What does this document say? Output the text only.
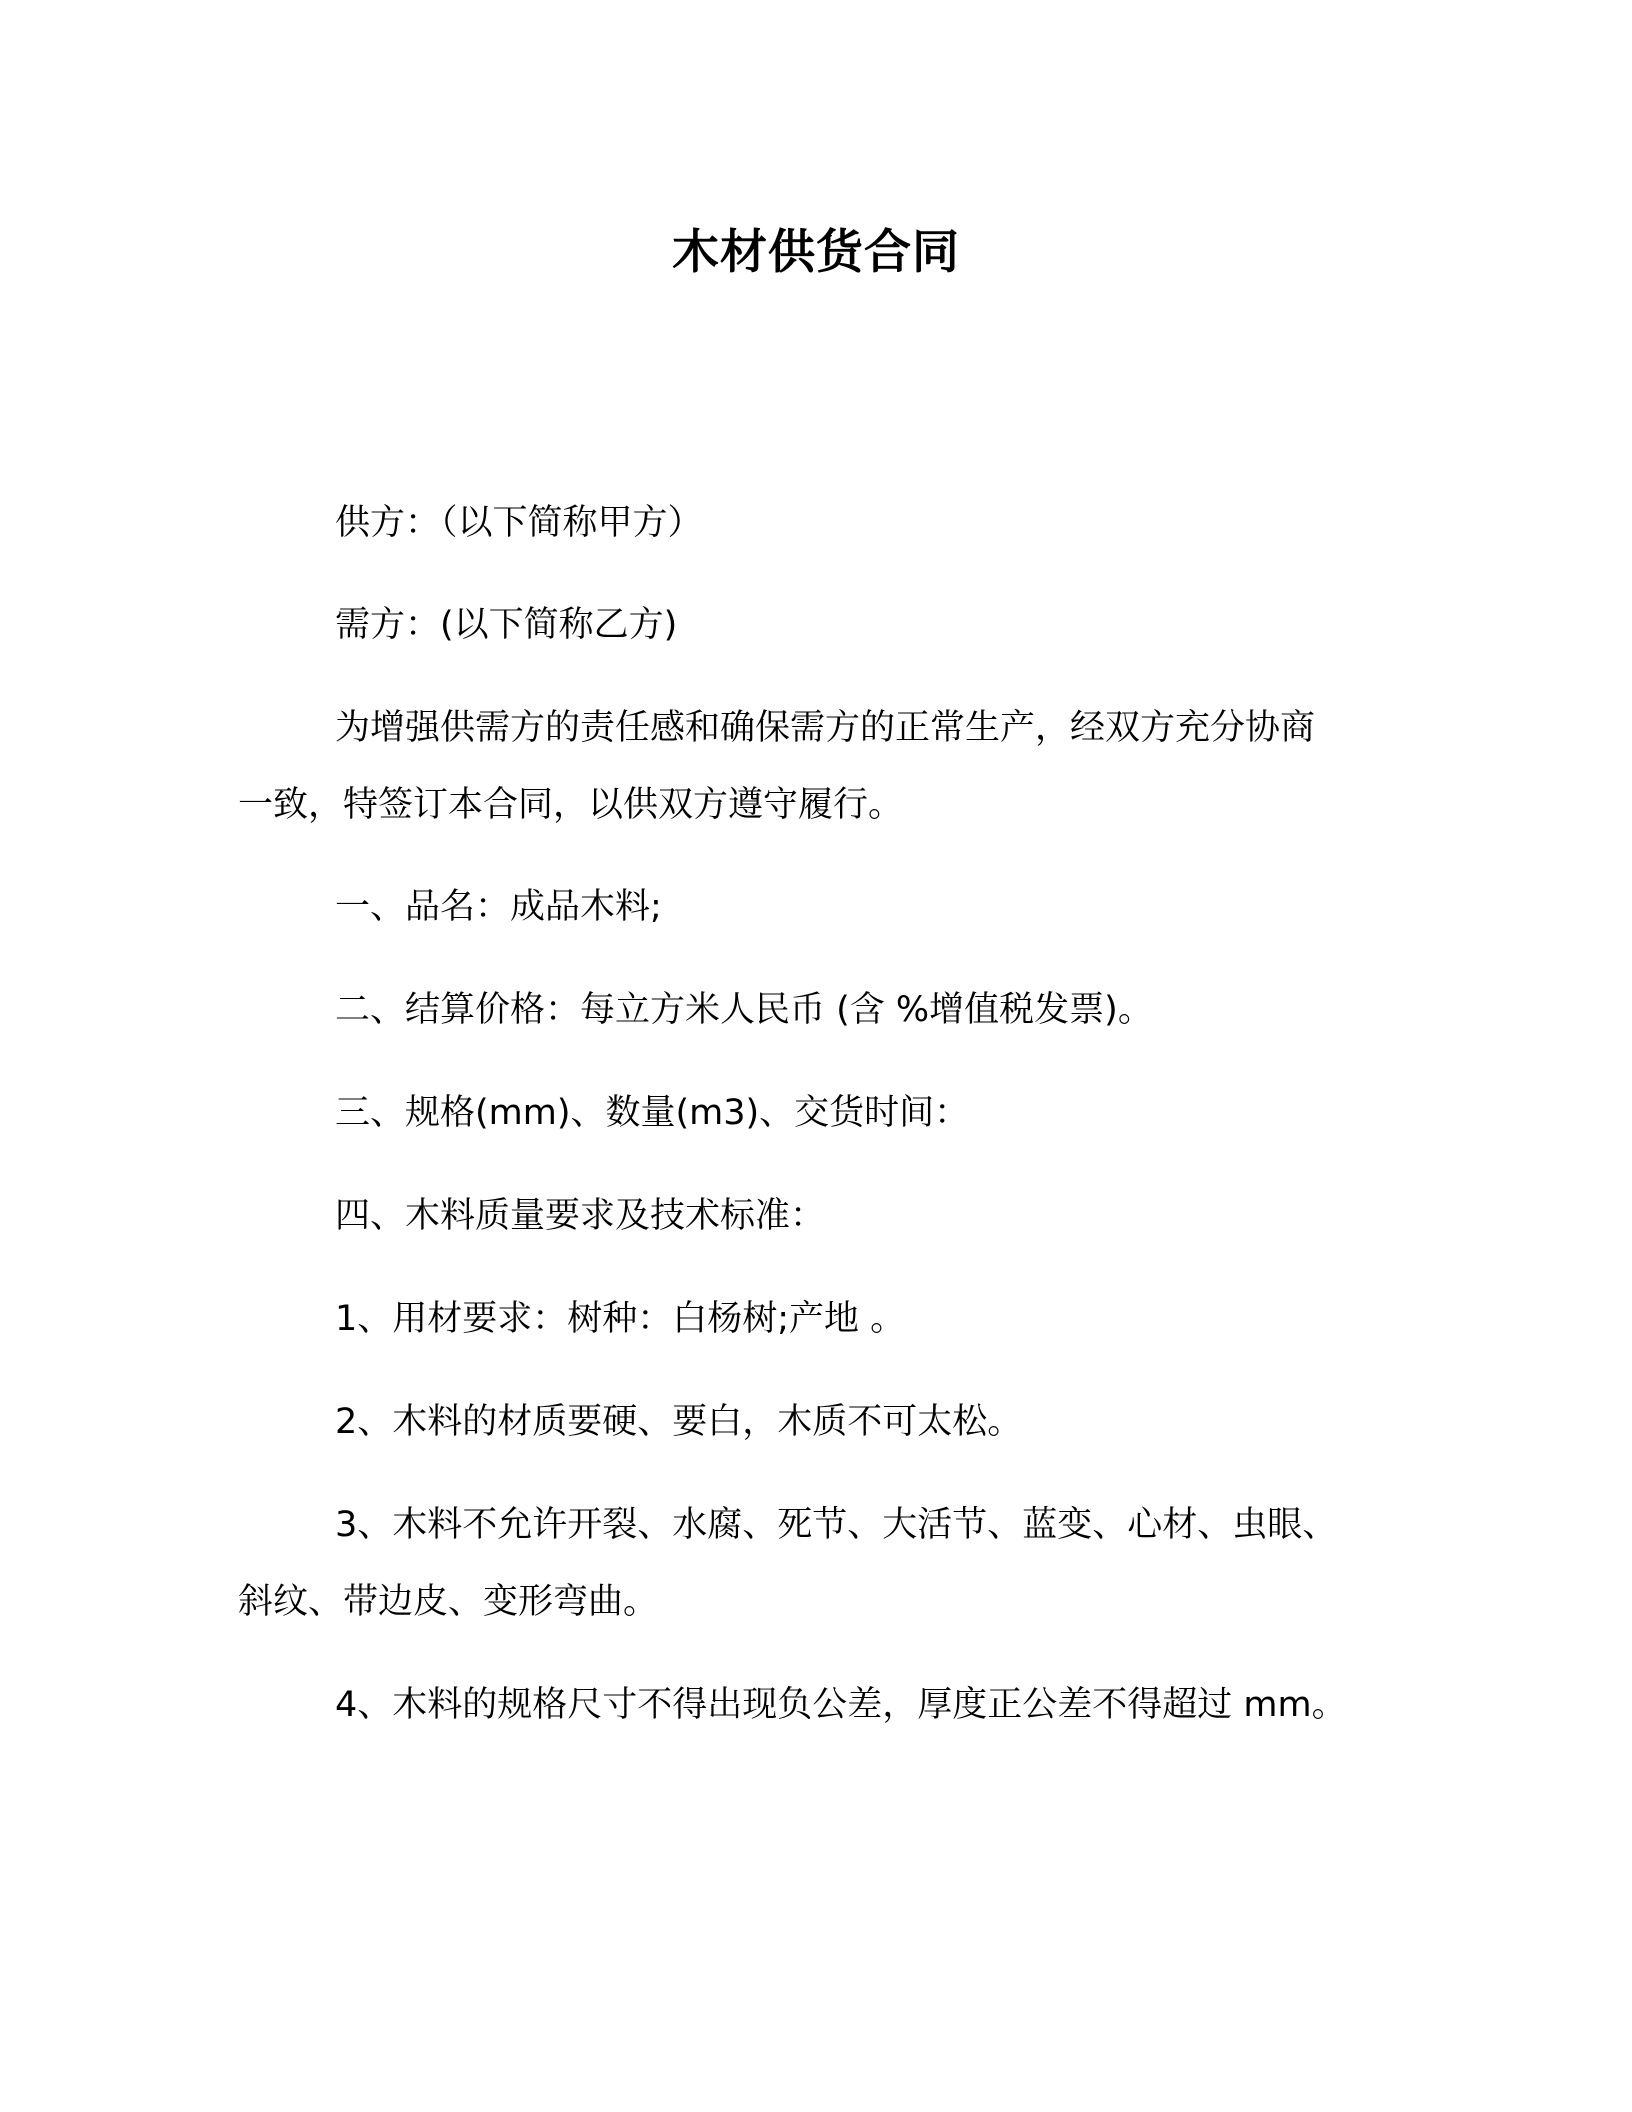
木材供货合同
供方：（以下简称甲方）
需方：(以下简称乙方)
为增强供需方的责任感和确保需方的正常生产，经双方充分协商
一致，特签订本合同，以供双方遵守履行。
一、品名：成品木料;
二、结算价格：每立方米人民币 (含 %增值税发票)。
三、规格(mm)、数量(m3)、交货时间：
四、木料质量要求及技术标准：
1、用材要求：树种：白杨树;产地 。
2、木料的材质要硬、要白，木质不可太松。
3、木料不允许开裂、水腐、死节、大活节、蓝变、心材、虫眼、
斜纹、带边皮、变形弯曲。
4、木料的规格尺寸不得出现负公差，厚度正公差不得超过 mm。
